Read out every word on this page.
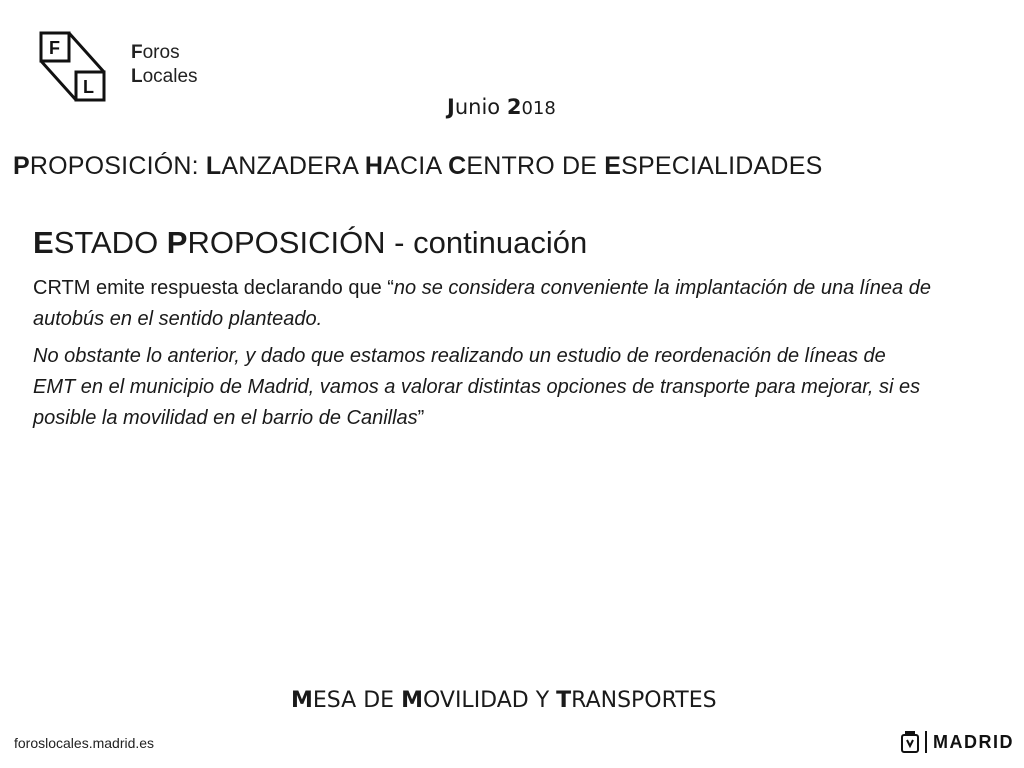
F
L
Foros
Locales
Junio 2018
PROPOSICIÓN: LANZADERA HACIA CENTRO DE ESPECIALIDADES
ESTADO PROPOSICIÓN - continuación
CRTM emite respuesta declarando que “no se considera conveniente la implantación de una línea de autobús en el sentido planteado.
No obstante lo anterior, y dado que estamos realizando un estudio de reordenación de líneas de EMT en el municipio de Madrid, vamos a valorar distintas opciones de transporte para mejorar, si es posible la movilidad en el barrio de Canillas”
MESA DE MOVILIDAD Y TRANSPORTES
foroslocales.madrid.es	MADRID
